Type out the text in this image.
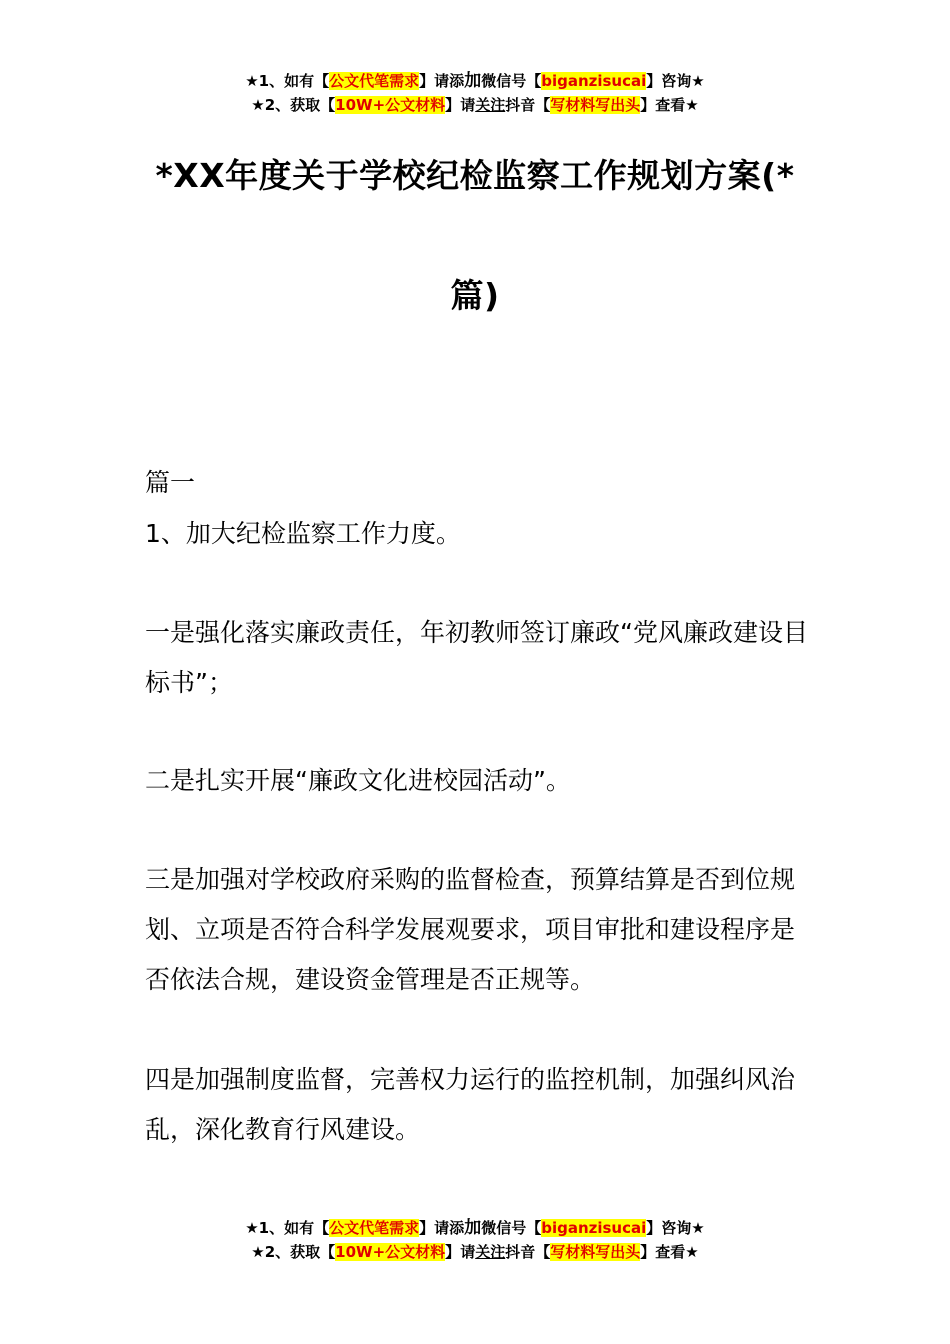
★1、如有【公文代笔需求】请添加微信号【biganzisucai】咨询★
★2、获取【10W+公文材料】请关注抖音【写材料写出头】查看★
*XX年度关于学校纪检监察工作规划方案(*
篇)

篇一

1、加大纪检监察工作力度。

一是强化落实廉政责任，年初教师签订廉政“党风廉政建设目标书”；

二是扎实开展“廉政文化进校园活动”。

三是加强对学校政府采购的监督检查，预算结算是否到位规划、立项是否符合科学发展观要求，项目审批和建设程序是否依法合规，建设资金管理是否正规等。

四是加强制度监督，完善权力运行的监控机制，加强纠风治乱，深化教育行风建设。

★1、如有【公文代笔需求】请添加微信号【biganzisucai】咨询★
★2、获取【10W+公文材料】请关注抖音【写材料写出头】查看★
